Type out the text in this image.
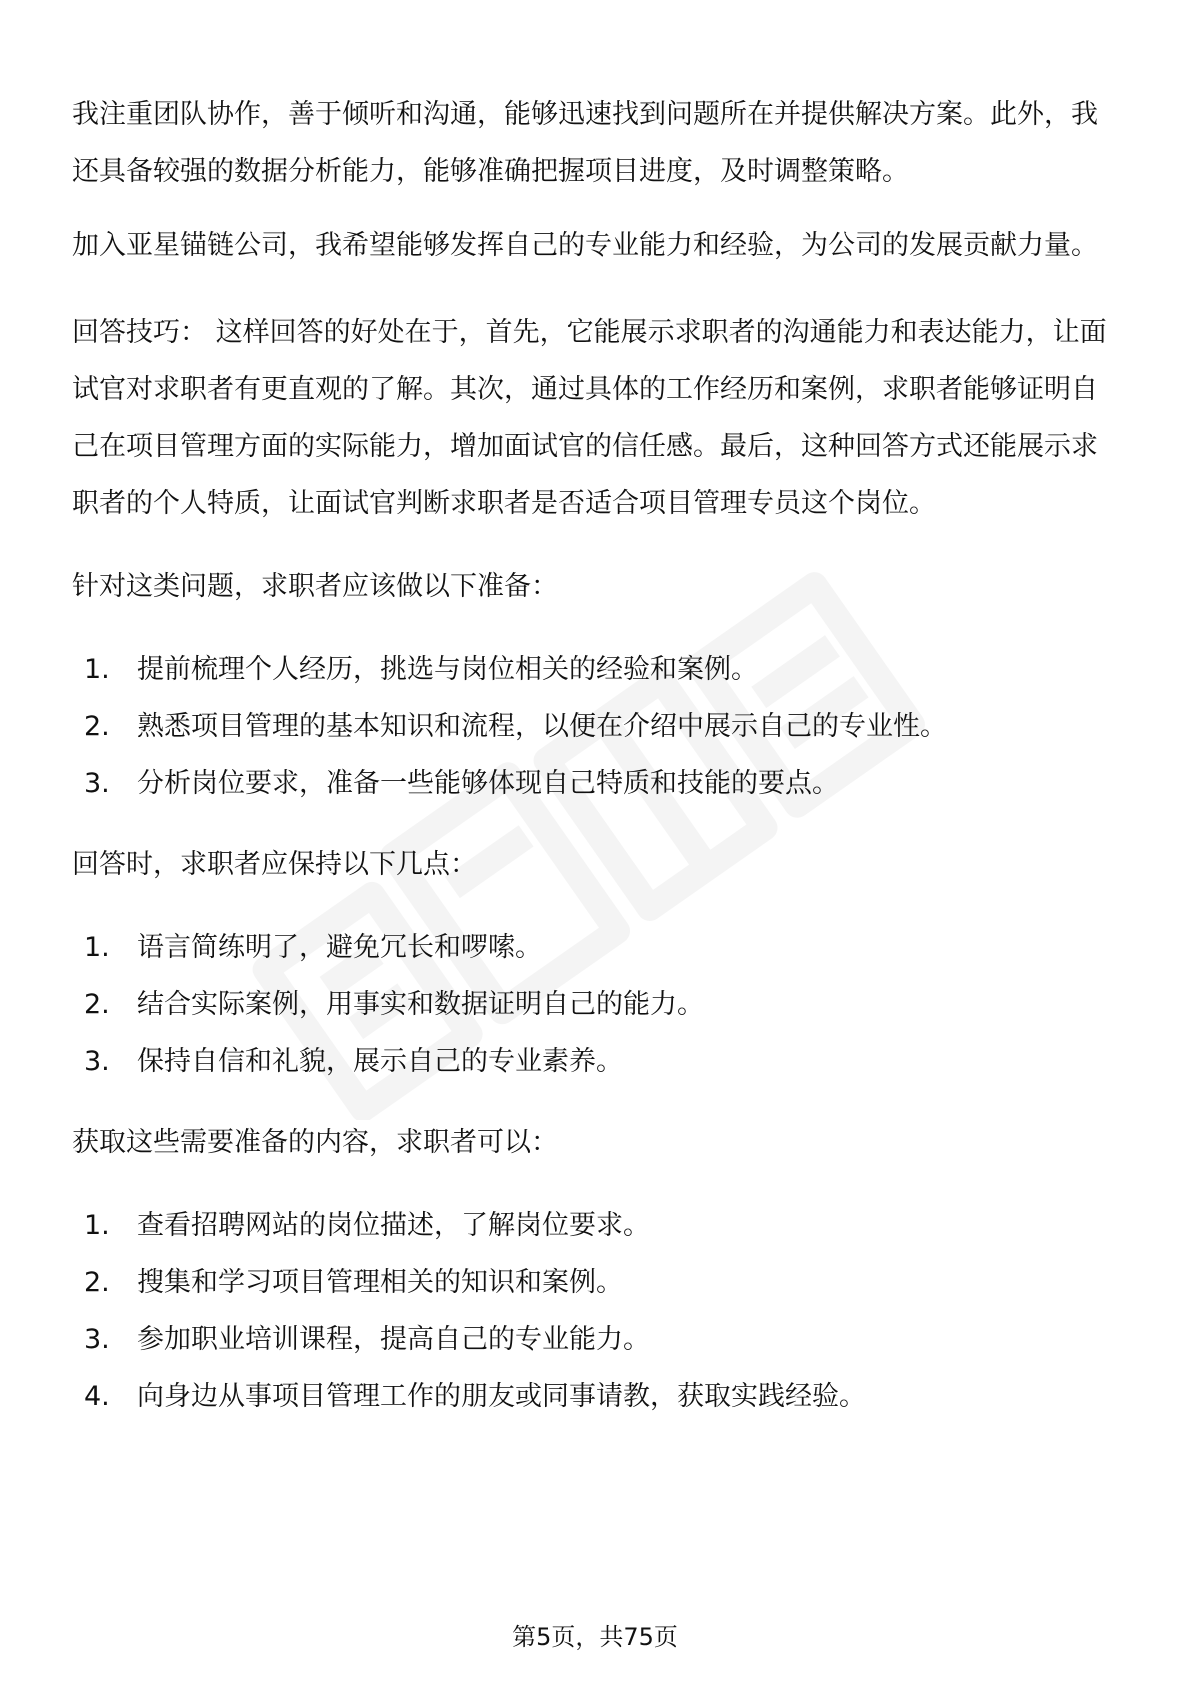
我注重团队协作，善于倾听和沟通，能够迅速找到问题所在并提供解决方案。此外，我还具备较强的数据分析能力，能够准确把握项目进度，及时调整策略。

加入亚星锚链公司，我希望能够发挥自己的专业能力和经验，为公司的发展贡献力量。

回答技巧： 这样回答的好处在于，首先，它能展示求职者的沟通能力和表达能力，让面试官对求职者有更直观的了解。其次，通过具体的工作经历和案例，求职者能够证明自己在项目管理方面的实际能力，增加面试官的信任感。最后，这种回答方式还能展示求职者的个人特质，让面试官判断求职者是否适合项目管理专员这个岗位。

针对这类问题，求职者应该做以下准备：

1. 提前梳理个人经历，挑选与岗位相关的经验和案例。
2. 熟悉项目管理的基本知识和流程，以便在介绍中展示自己的专业性。
3. 分析岗位要求，准备一些能够体现自己特质和技能的要点。

回答时，求职者应保持以下几点：

1. 语言简练明了，避免冗长和啰嗦。
2. 结合实际案例，用事实和数据证明自己的能力。
3. 保持自信和礼貌，展示自己的专业素养。

获取这些需要准备的内容，求职者可以：

1. 查看招聘网站的岗位描述，了解岗位要求。
2. 搜集和学习项目管理相关的知识和案例。
3. 参加职业培训课程，提高自己的专业能力。
4. 向身边从事项目管理工作的朋友或同事请教，获取实践经验。
第5页，共75页
